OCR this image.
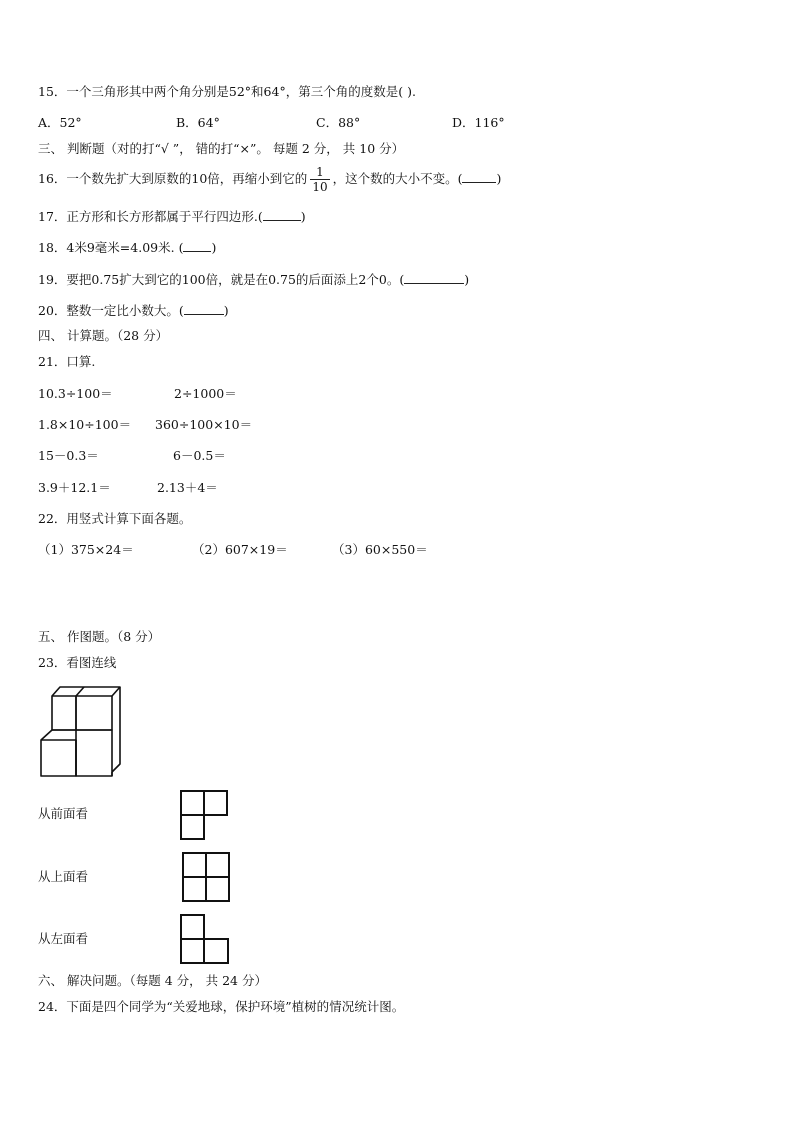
15．一个三角形其中两个角分别是52°和64°，第三个角的度数是( ).
A．52°	B．64°	C．88°	D．116°
三、 判断题（对的打“√ ”， 错的打“×”。 每题 2 分， 共 10 分）
16．一个数先扩大到原数的10倍，再缩小到它的 $\frac{1}{10}$ ，这个数的大小不变。(	)
17．正方形和长方形都属于平行四边形.(	)
18．4米9毫米=4.09米. ( )
19．要把0.75扩大到它的100倍，就是在0.75的后面添上2个0。(	)
20．整数一定比小数大。(	)
四、 计算题。（28 分）
21．口算.
10.3÷100＝	2÷1000＝
1.8×10÷100＝ 360÷100×10＝
15－0.3＝	6－0.5＝
3.9＋12.1＝	2.13＋4＝
22．用竖式计算下面各题。
（1）375×24＝	（2）607×19＝	（3）60×550＝
五、 作图题。（8 分）
23．看图连线
从前面看
从上面看
从左面看
六、 解决问题。（每题 4 分， 共 24 分）
24．下面是四个同学为“关爱地球，保护环境”植树的情况统计图。
